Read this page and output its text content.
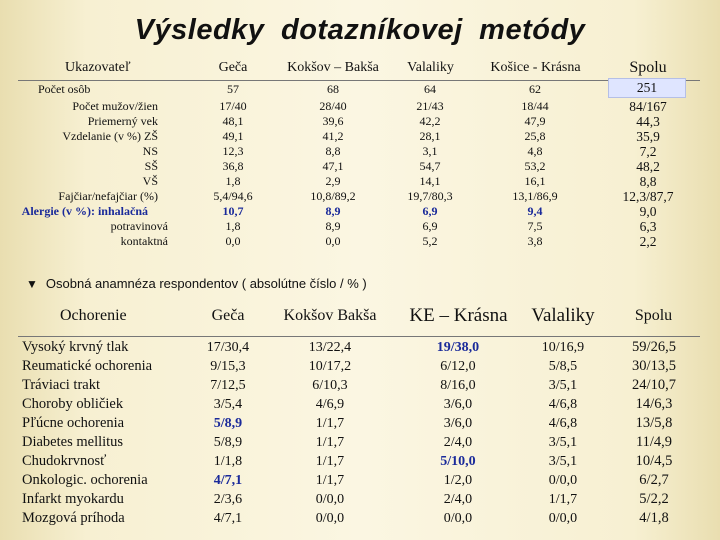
Výsledky dotazníkovej metódy
Ukazovateľ	Geča	Kokšov – Bakša	Valaliky	Košice - Krásna	Spolu
Počet osôb	57	68	64	62	251
Počet mužov/žien	17/40	28/40	21/43	18/44	84/167
Priemerný vek	48,1	39,6	42,2	47,9	44,3
Vzdelanie (v %) ZŠ	49,1	41,2	28,1	25,8	35,9
NS	12,3	8,8	3,1	4,8	7,2
SŠ	36,8	47,1	54,7	53,2	48,2
VŠ	1,8	2,9	14,1	16,1	8,8
Fajčiar/nefajčiar (%)	5,4/94,6	10,8/89,2	19,7/80,3	13,1/86,9	12,3/87,7
Alergie (v %): inhalačná	10,7	8,9	6,9	9,4	9,0
potravinová	1,8	8,9	6,9	7,5	6,3
kontaktná	0,0	0,0	5,2	3,8	2,2
▼ Osobná anamnéza respondentov ( absolútne číslo / % )
Ochorenie	Geča	Kokšov Bakša	KE – Krásna	Valaliky	Spolu
Vysoký krvný tlak	17/30,4	13/22,4	19/38,0	10/16,9	59/26,5
Reumatické ochorenia	9/15,3	10/17,2	6/12,0	5/8,5	30/13,5
Tráviaci trakt	7/12,5	6/10,3	8/16,0	3/5,1	24/10,7
Choroby obličiek	3/5,4	4/6,9	3/6,0	4/6,8	14/6,3
Pľúcne ochorenia	5/8,9	1/1,7	3/6,0	4/6,8	13/5,8
Diabetes mellitus	5/8,9	1/1,7	2/4,0	3/5,1	11/4,9
Chudokrvnosť	1/1,8	1/1,7	5/10,0	3/5,1	10/4,5
Onkologic. ochorenia	4/7,1	1/1,7	1/2,0	0/0,0	6/2,7
Infarkt myokardu	2/3,6	0/0,0	2/4,0	1/1,7	5/2,2
Mozgová príhoda	4/7,1	0/0,0	0/0,0	0/0,0	4/1,8
